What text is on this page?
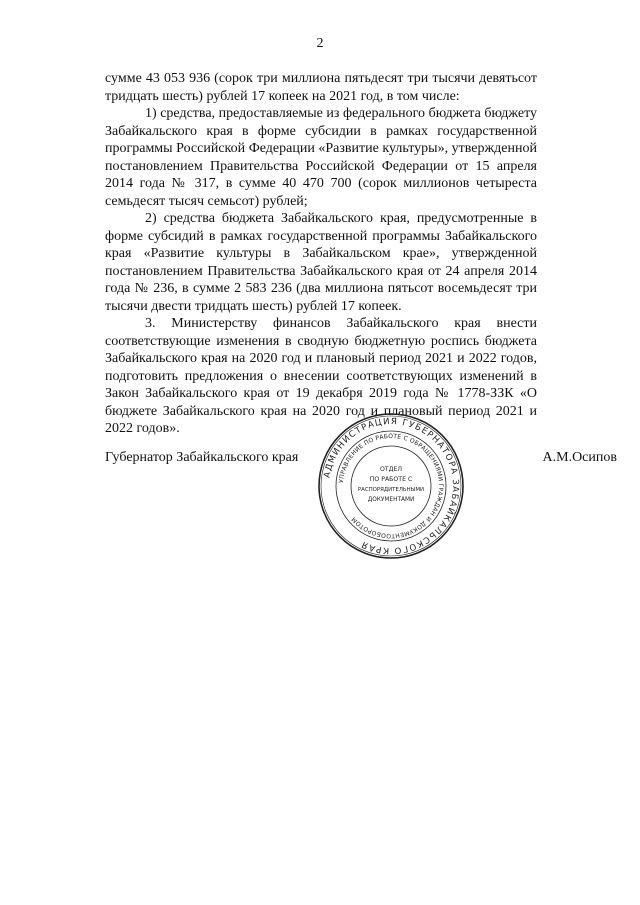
2

сумме 43 053 936 (сорок три миллиона пятьдесят три тысячи девятьсот тридцать шесть) рублей 17 копеек на 2021 год, в том числе:

1) средства, предоставляемые из федерального бюджета бюджету Забайкальского края в форме субсидии в рамках государственной программы Российской Федерации «Развитие культуры», утвержденной постановлением Правительства Российской Федерации от 15 апреля 2014 года № 317, в сумме 40 470 700 (сорок миллионов четыреста семьдесят тысяч семьсот) рублей;

2) средства бюджета Забайкальского края, предусмотренные в форме субсидий в рамках государственной программы Забайкальского края «Развитие культуры в Забайкальском крае», утвержденной постановлением Правительства Забайкальского края от 24 апреля 2014 года № 236, в сумме 2 583 236 (два миллиона пятьсот восемьдесят три тысячи двести тридцать шесть) рублей 17 копеек.

3. Министерству финансов Забайкальского края внести соответствующие изменения в сводную бюджетную роспись бюджета Забайкальского края на 2020 год и плановый период 2021 и 2022 годов, подготовить предложения о внесении соответствующих изменений в Закон Забайкальского края от 19 декабря 2019 года № 1778-ЗЗК «О бюджете Забайкальского края на 2020 год и плановый период 2021 и 2022 годов».

Губернатор Забайкальского края	А.М.Осипов
АДМИНИСТРАЦИЯ ГУБЕРНАТОРА ЗАБАЙКАЛЬСКОГО КРАЯ
УПРАВЛЕНИЕ ПО РАБОТЕ С ОБРАЩЕНИЯМИ ГРАЖДАН И ДОКУМЕНТООБОРОТОМ
ОТДЕЛ
ПО РАБОТЕ С
РАСПОРЯДИТЕЛЬНЫМИ
ДОКУМЕНТАМИ
